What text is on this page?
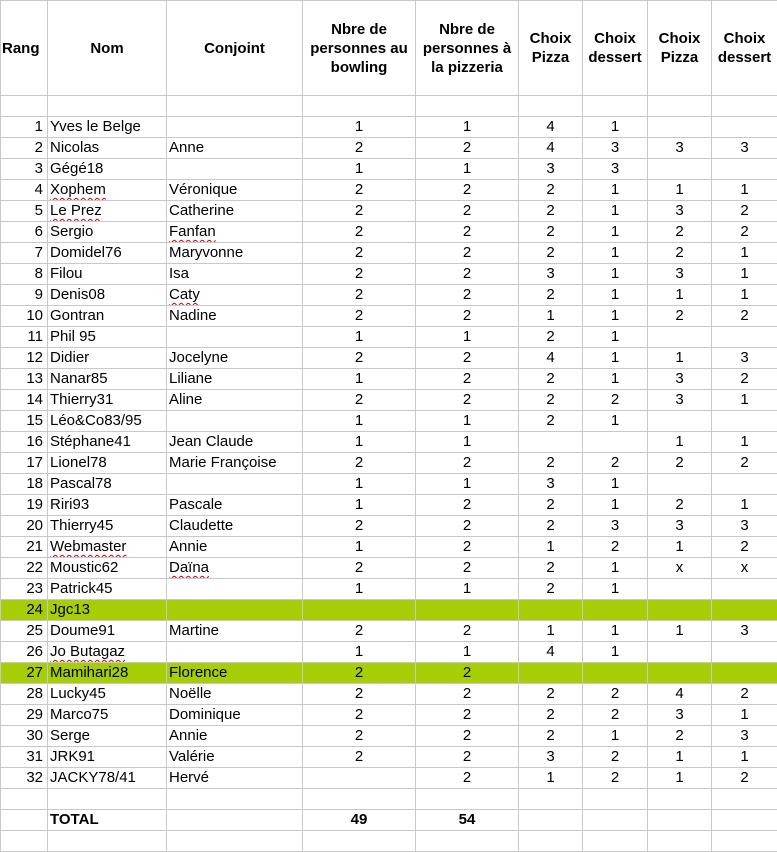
Rang	Nom	Conjoint	Nbre de personnes au bowling	Nbre de personnes à la pizzeria	Choix Pizza	Choix dessert	Choix Pizza	Choix dessert

1	Yves le Belge		1	1	4	1		
2	Nicolas	Anne	2	2	4	3	3	3
3	Gégé18		1	1	3	3		
4	Xophem	Véronique	2	2	2	1	1	1
5	Le Prez	Catherine	2	2	2	1	3	2
6	Sergio	Fanfan	2	2	2	1	2	2
7	Domidel76	Maryvonne	2	2	2	1	2	1
8	Filou	Isa	2	2	3	1	3	1
9	Denis08	Caty	2	2	2	1	1	1
10	Gontran	Nadine	2	2	1	1	2	2
11	Phil 95		1	1	2	1		
12	Didier	Jocelyne	2	2	4	1	1	3
13	Nanar85	Liliane	1	2	2	1	3	2
14	Thierry31	Aline	2	2	2	2	3	1
15	Léo&Co83/95		1	1	2	1		
16	Stéphane41	Jean Claude	1	1			1	1
17	Lionel78	Marie Françoise	2	2	2	2	2	2
18	Pascal78		1	1	3	1		
19	Riri93	Pascale	1	2	2	1	2	1
20	Thierry45	Claudette	2	2	2	3	3	3
21	Webmaster	Annie	1	2	1	2	1	2
22	Moustic62	Daïna	2	2	2	1	x	x
23	Patrick45		1	1	2	1		
24	Jgc13							
25	Doume91	Martine	2	2	1	1	1	3
26	Jo Butagaz		1	1	4	1		
27	Mamihari28	Florence	2	2				
28	Lucky45	Noëlle	2	2	2	2	4	2
29	Marco75	Dominique	2	2	2	2	3	1
30	Serge	Annie	2	2	2	1	2	3
31	JRK91	Valérie	2	2	3	2	1	1
32	JACKY78/41	Hervé		2	1	2	1	2

	TOTAL		49	54				
